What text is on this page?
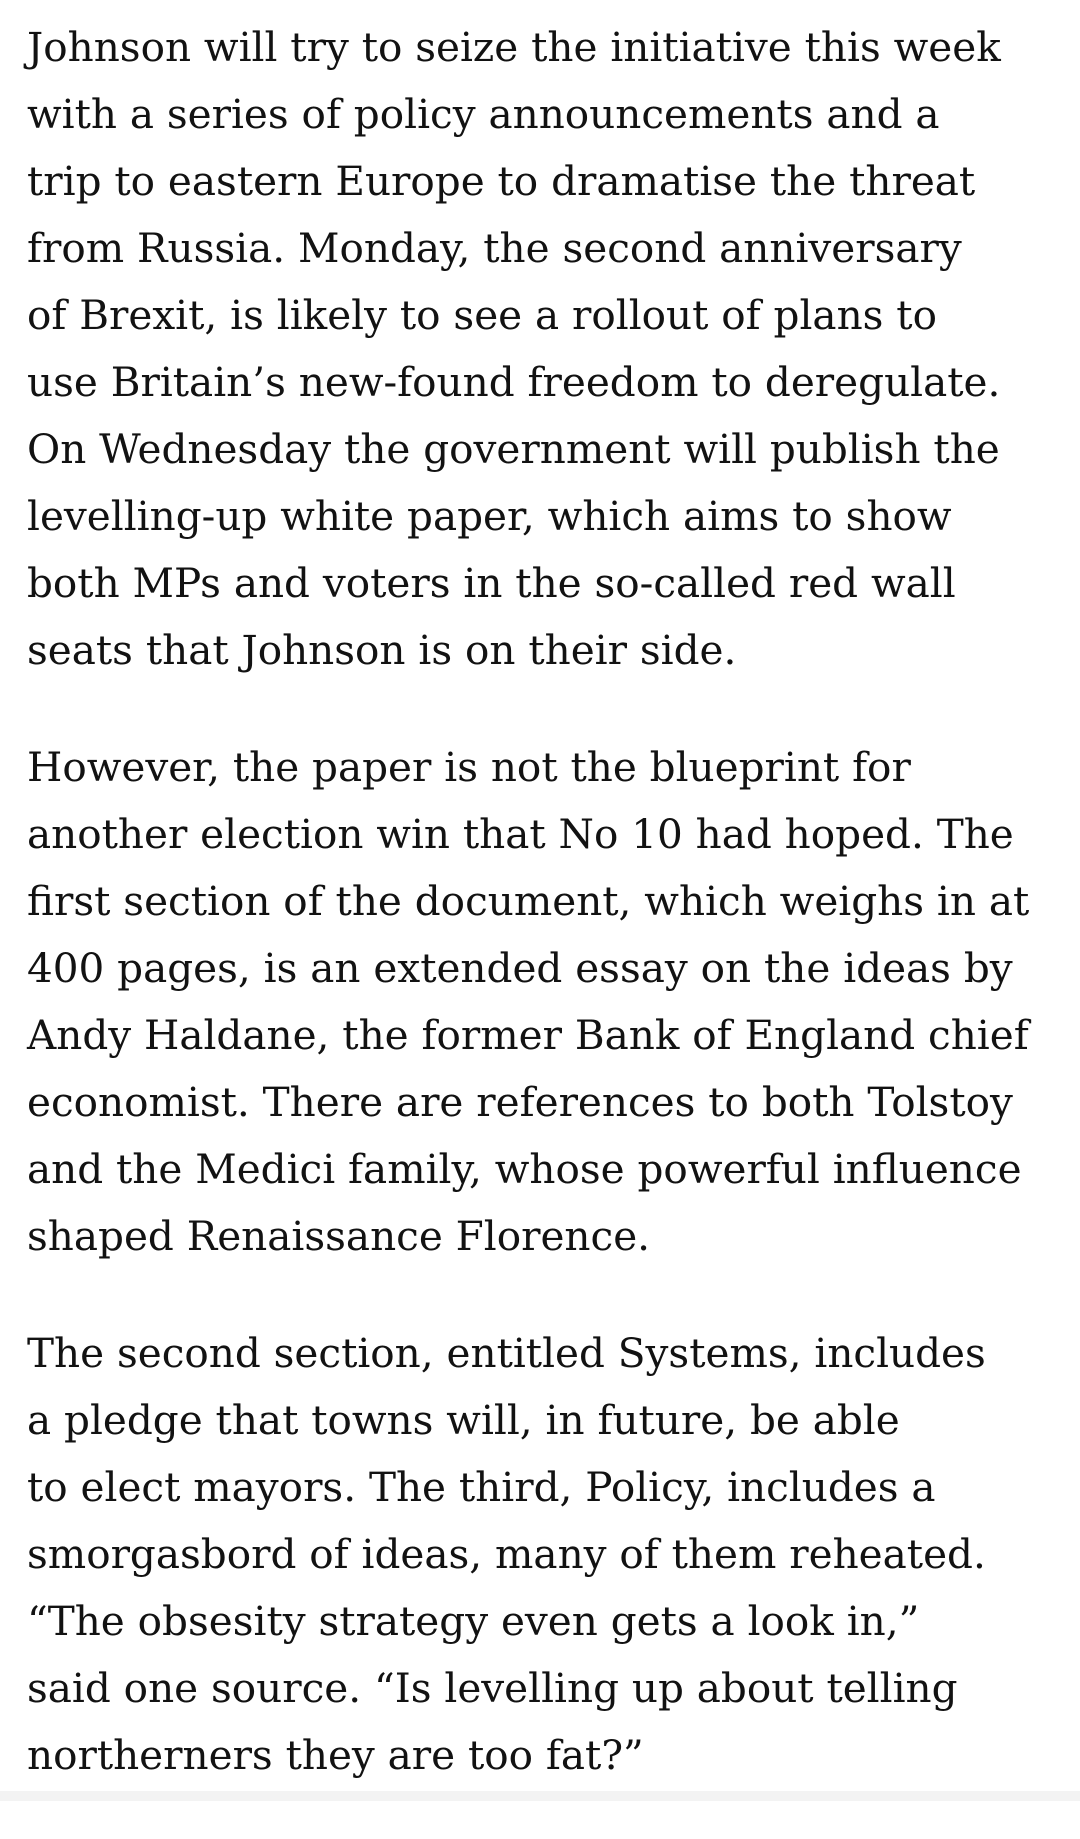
Johnson will try to seize the initiative this week
with a series of policy announcements and a
trip to eastern Europe to dramatise the threat
from Russia. Monday, the second anniversary
of Brexit, is likely to see a rollout of plans to
use Britain’s new-found freedom to deregulate.
On Wednesday the government will publish the
levelling-up white paper, which aims to show
both MPs and voters in the so-called red wall
seats that Johnson is on their side.

However, the paper is not the blueprint for
another election win that No 10 had hoped. The
first section of the document, which weighs in at
400 pages, is an extended essay on the ideas by
Andy Haldane, the former Bank of England chief
economist. There are references to both Tolstoy
and the Medici family, whose powerful influence
shaped Renaissance Florence.

The second section, entitled Systems, includes
a pledge that towns will, in future, be able
to elect mayors. The third, Policy, includes a
smorgasbord of ideas, many of them reheated.
“The obsesity strategy even gets a look in,”
said one source. “Is levelling up about telling
northerners they are too fat?”
